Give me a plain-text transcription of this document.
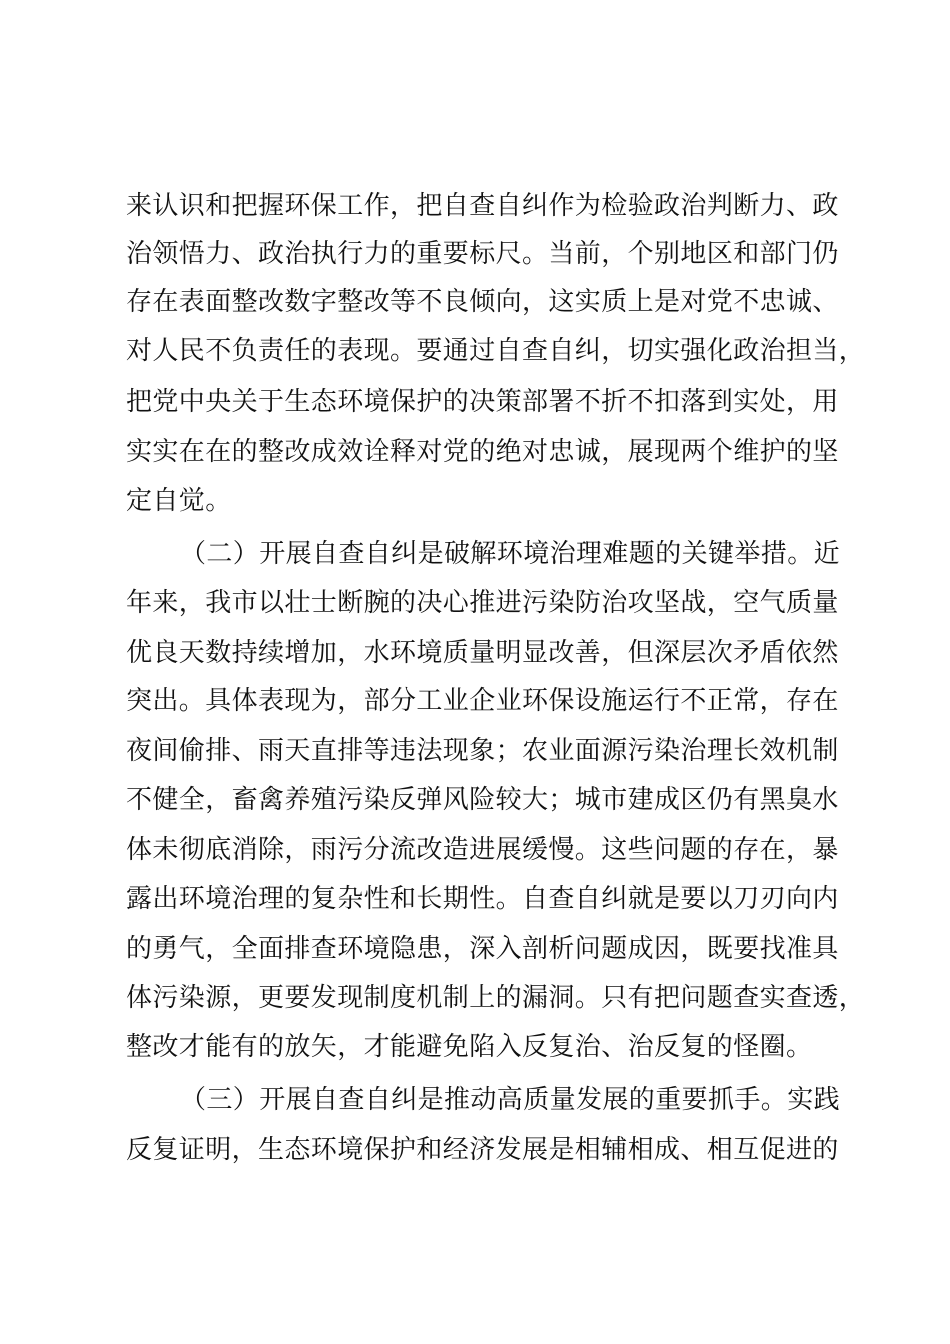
来认识和把握环保工作，把自查自纠作为检验政治判断力、政
治领悟力、政治执行力的重要标尺。当前，个别地区和部门仍
存在表面整改数字整改等不良倾向，这实质上是对党不忠诚、
对人民不负责任的表现。要通过自查自纠，切实强化政治担当，
把党中央关于生态环境保护的决策部署不折不扣落到实处，用
实实在在的整改成效诠释对党的绝对忠诚，展现两个维护的坚
定自觉。
（二）开展自查自纠是破解环境治理难题的关键举措。近
年来，我市以壮士断腕的决心推进污染防治攻坚战，空气质量
优良天数持续增加，水环境质量明显改善，但深层次矛盾依然
突出。具体表现为，部分工业企业环保设施运行不正常，存在
夜间偷排、雨天直排等违法现象；农业面源污染治理长效机制
不健全，畜禽养殖污染反弹风险较大；城市建成区仍有黑臭水
体未彻底消除，雨污分流改造进展缓慢。这些问题的存在，暴
露出环境治理的复杂性和长期性。自查自纠就是要以刀刃向内
的勇气，全面排查环境隐患，深入剖析问题成因，既要找准具
体污染源，更要发现制度机制上的漏洞。只有把问题查实查透，
整改才能有的放矢，才能避免陷入反复治、治反复的怪圈。
（三）开展自查自纠是推动高质量发展的重要抓手。实践
反复证明，生态环境保护和经济发展是相辅相成、相互促进的
